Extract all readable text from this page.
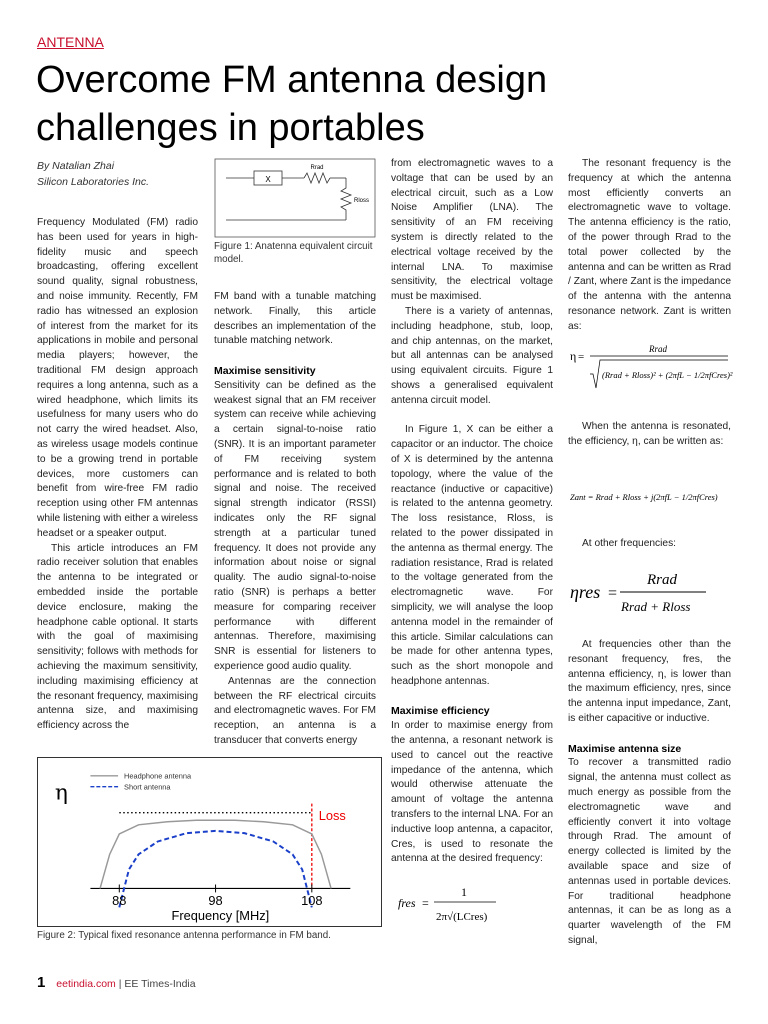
ANTENNA
Overcome FM antenna design challenges in portables
By Natalian Zhai
Silicon Laboratories Inc.

Frequency Modulated (FM) radio has been used for years in high-fidelity music and speech broadcasting, offering excellent sound quality, signal robustness, and noise immunity. Recently, FM radio has witnessed an explosion of interest from the market for its applications in mobile and personal media players; however, the traditional FM design approach requires a long antenna, such as a wired headphone, which limits its usefulness for many users who do not carry the wired headset. Also, as wireless usage models continue to be a growing trend in portable devices, more customers can benefit from wire-free FM radio reception using other FM antennas while listening with either a wireless headset or a speaker output.

This article introduces an FM radio receiver solution that enables the antenna to be integrated or embedded inside the portable device enclosure, making the headphone cable optional. It starts with the goal of maximising sensitivity; follows with methods for achieving the maximum sensitivity, including maximising efficiency at the resonant frequency, maximising antenna size, and maximising efficiency across the

X
Rrad
Rloss
Figure 1: Anatenna equivalent circuit model.

FM band with a tunable matching network. Finally, this article describes an implementation of the tunable matching network.

Maximise sensitivity

Sensitivity can be defined as the weakest signal that an FM receiver system can receive while achieving a certain signal-to-noise ratio (SNR). It is an important parameter of FM receiving system performance and is related to both signal and noise. The received signal strength indicator (RSSI) indicates only the RF signal strength at a particular tuned frequency. It does not provide any information about noise or signal quality. The audio signal-to-noise ratio (SNR) is perhaps a better measure for comparing receiver performance with different antennas. Therefore, maximising SNR is essential for listeners to experience good audio quality.

Antennas are the connection between the RF electrical circuits and electromagnetic waves. For FM reception, an antenna is a transducer that converts energy

from electromagnetic waves to a voltage that can be used by an electrical circuit, such as a Low Noise Amplifier (LNA). The sensitivity of an FM receiving system is directly related to the electrical voltage received by the internal LNA. To maximise sensitivity, the electrical voltage must be maximised.

There is a variety of antennas, including headphone, stub, loop, and chip antennas, on the market, but all antennas can be analysed using equivalent circuits. Figure 1 shows a generalised equivalent antenna circuit model.

In Figure 1, X can be either a capacitor or an inductor. The choice of X is determined by the antenna topology, where the value of the reactance (inductive or capacitive) is related to the antenna geometry. The loss resistance, Rloss, is related to the power dissipated in the antenna as thermal energy. The radiation resistance, Rrad is related to the voltage generated from the electromagnetic wave. For simplicity, we will analyse the loop antenna model in the remainder of this article. Similar calculations can be made for other antenna types, such as the short monopole and headphone antennas.

Maximise efficiency

In order to maximise energy from the antenna, a resonant network is used to cancel out the reactive impedance of the antenna, which would otherwise attenuate the amount of voltage the antenna transfers to the internal LNA. For an inductive loop antenna, a capacitor, Cres, is used to resonate the antenna at the desired frequency:

fres =
1
2π√(LCres)

The resonant frequency is the frequency at which the antenna most efficiently converts an electromagnetic wave to voltage. The antenna efficiency is the ratio, of the power through Rrad to the total power collected by the antenna and can be written as Rrad / Zant, where Zant is the impedance of the antenna with the antenna resonance network. Zant is written as:

η =
Rrad
(Rrad + Rloss)² + (2πfL − 1/2πfCres)²

When the antenna is resonated, the efficiency, η, can be written as:

Zant = Rrad + Rloss + j(2πfL − 1/2πfCres)

At other frequencies:

ηres =
Rrad
Rrad + Rloss

At frequencies other than the resonant frequency, fres, the antenna efficiency, η, is lower than the maximum efficiency, ηres, since the antenna input impedance, Zant, is either capacitive or inductive.

Maximise antenna size

To recover a transmitted radio signal, the antenna must collect as much energy as possible from the electromagnetic wave and efficiently convert it into voltage through Rrad. The amount of energy collected is limited by the available space and size of antennas used in portable devices. For traditional headphone antennas, it can be as long as a quarter wavelength of the FM signal,

η
Loss
Headphone antenna
Short antenna
88	98	108
Frequency [MHz]
Figure 2: Typical fixed resonance antenna performance in FM band.
1 eetindia.com | EE Times-India
